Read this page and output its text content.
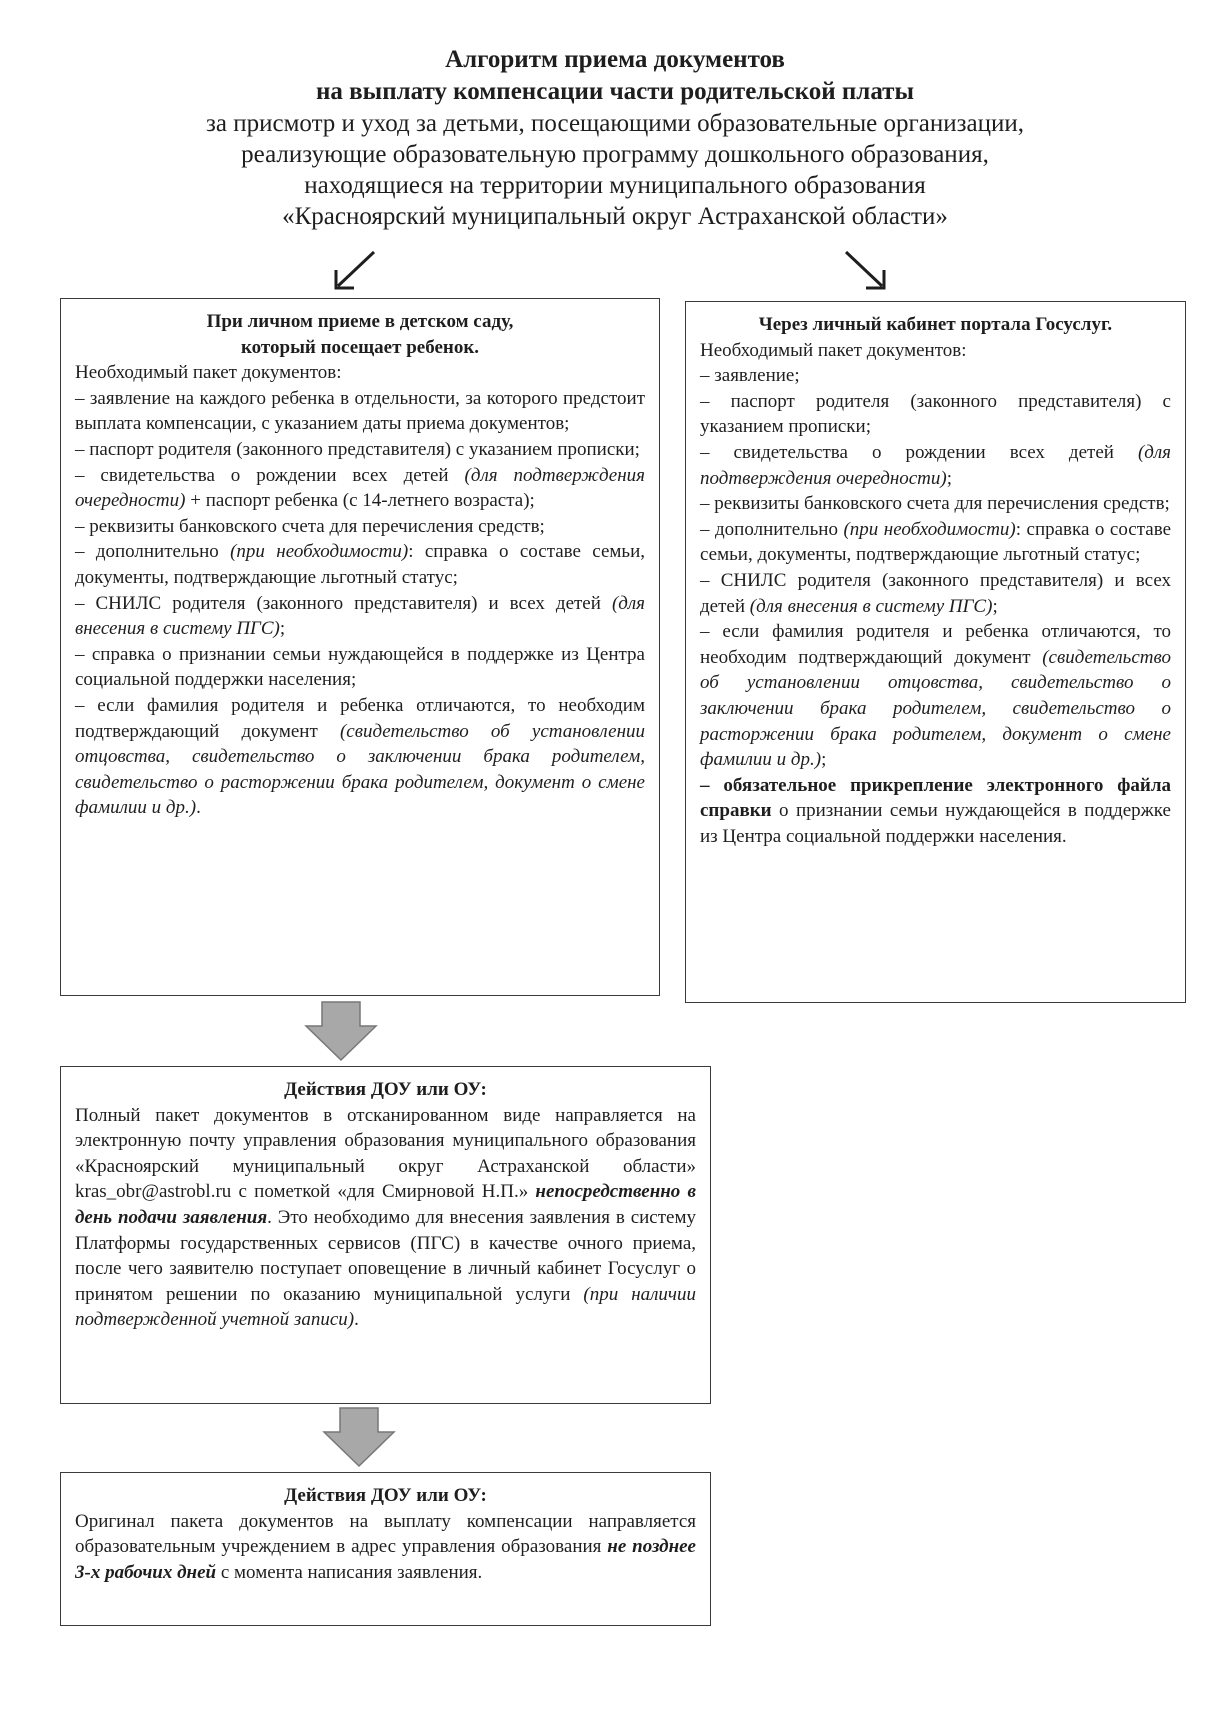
Алгоритм приема документов
на выплату компенсации части родительской платы
за присмотр и уход за детьми, посещающими образовательные организации,
реализующие образовательную программу дошкольного образования,
находящиеся на территории муниципального образования
«Красноярский муниципальный округ Астраханской области»

При личном приеме в детском саду,

который посещает ребенок.

Необходимый пакет документов:

– заявление на каждого ребенка в отдельности, за которого предстоит выплата компенсации, с указанием даты приема документов;

– паспорт родителя (законного представителя) с указанием прописки;

– свидетельства о рождении всех детей (для подтверждения очередности) + паспорт ребенка (с 14-летнего возраста);

– реквизиты банковского счета для перечисления средств;

– дополнительно (при необходимости): справка о составе семьи, документы, подтверждающие льготный статус;

– СНИЛС родителя (законного представителя) и всех детей (для внесения в систему ПГС);

– справка о признании семьи нуждающейся в поддержке из Центра социальной поддержки населения;

– если фамилия родителя и ребенка отличаются, то необходим подтверждающий документ (свидетельство об установлении отцовства, свидетельство о заключении брака родителем, свидетельство о расторжении брака родителем, документ о смене фамилии и др.).

Через личный кабинет портала Госуслуг.

Необходимый пакет документов:

– заявление;

– паспорт родителя (законного представителя) с указанием прописки;

– свидетельства о рождении всех детей (для подтверждения очередности);

– реквизиты банковского счета для перечисления средств;

– дополнительно (при необходимости): справка о составе семьи, документы, подтверждающие льготный статус;

– СНИЛС родителя (законного представителя) и всех детей (для внесения в систему ПГС);

– если фамилия родителя и ребенка отличаются, то необходим подтверждающий документ (свидетельство об установлении отцовства, свидетельство о заключении брака родителем, свидетельство о расторжении брака родителем, документ о смене фамилии и др.);

– обязательное прикрепление электронного файла справки о признании семьи нуждающейся в поддержке из Центра социальной поддержки населения.

Действия ДОУ или ОУ:

Полный пакет документов в отсканированном виде направляется на электронную почту управления образования муниципального образования «Красноярский муниципальный округ Астраханской области» kras_obr@astrobl.ru с пометкой «для Смирновой Н.П.» непосредственно в день подачи заявления. Это необходимо для внесения заявления в систему Платформы государственных сервисов (ПГС) в качестве очного приема, после чего заявителю поступает оповещение в личный кабинет Госуслуг о принятом решении по оказанию муниципальной услуги (при наличии подтвержденной учетной записи).

Действия ДОУ или ОУ:

Оригинал пакета документов на выплату компенсации направляется образовательным учреждением в адрес управления образования не позднее 3-х рабочих дней с момента написания заявления.
